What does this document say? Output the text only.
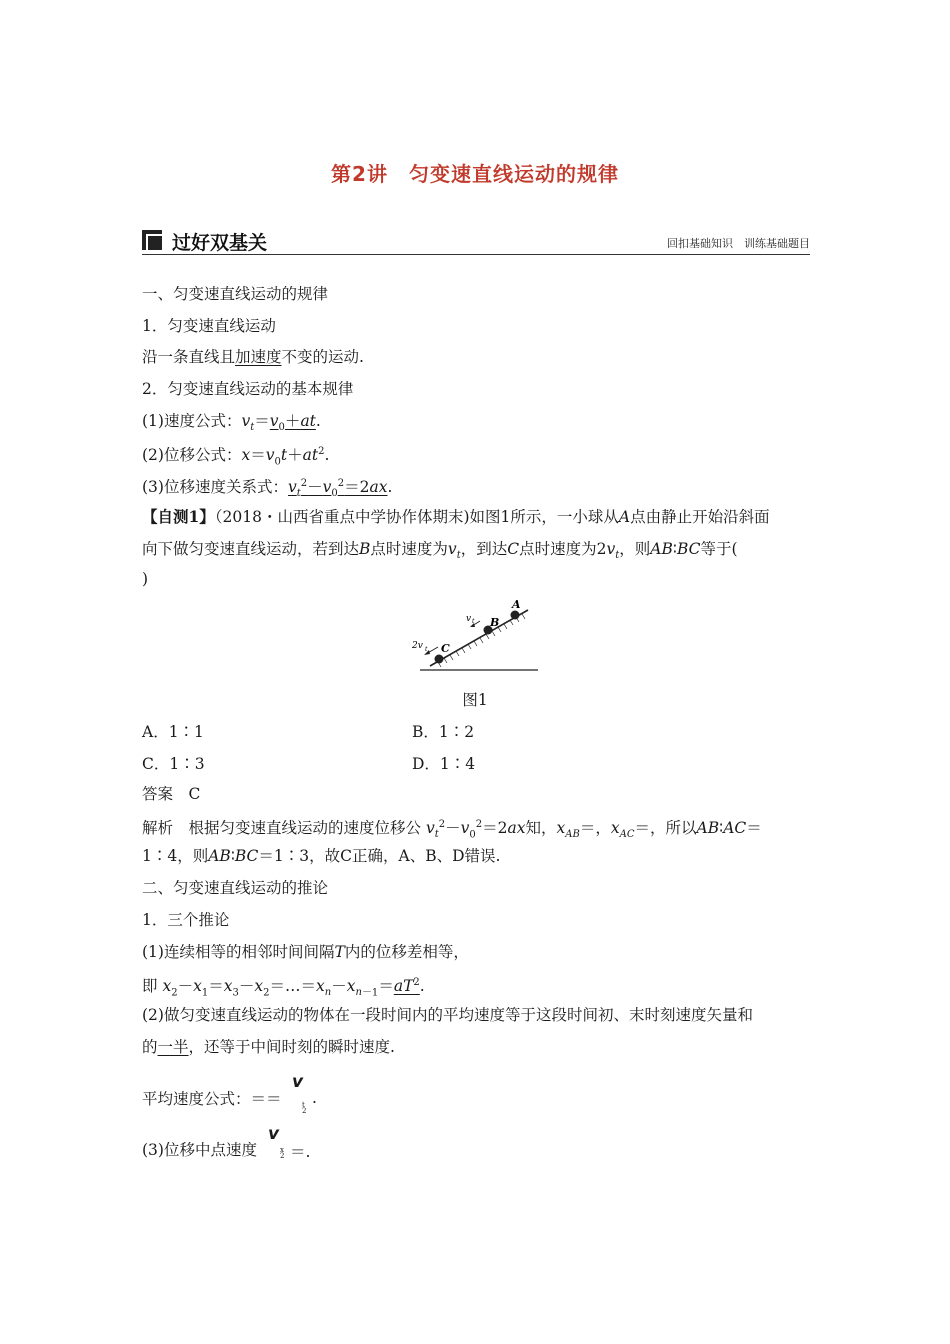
第2讲　匀变速直线运动的规律
过好双基关	回扣基础知识　训练基础题目
一、匀变速直线运动的规律
1．匀变速直线运动
沿一条直线且加速度不变的运动.
2．匀变速直线运动的基本规律
(1)速度公式：$v_t=v_0+at$.
(2)位移公式：$x=v_0t+at^2$.
(3)位移速度关系式：$v_t^2-v_0^2=2ax$.
【自测1】（2018・山西省重点中学协作体期末)如图1所示，一小球从A点由静止开始沿斜面
向下做匀变速直线运动，若到达B点时速度为$v_t$，到达C点时速度为$2v_t$，则AB∶BC等于(
)
A
B
C
v t
2v t
图1
A．1∶1	B．1∶2
C．1∶3	D．1∶4
答案　C
解析　根据匀变速直线运动的速度位移公 $v_t^2-v_0^2=2ax$知，$x_{AB}=$，$x_{AC}=$，所以AB∶AC＝
1∶4，则AB∶BC＝1∶3，故C正确，A、B、D错误.
二、匀变速直线运动的推论
1．三个推论
(1)连续相等的相邻时间间隔T内的位移差相等，
即 $x_2-x_1=x_3-x_2=\dots=x_n-x_{n-1}=aT^2$.
(2)做匀变速直线运动的物体在一段时间内的平均速度等于这段时间初、末时刻速度矢量和
的一半，还等于中间时刻的瞬时速度.
平均速度公式：＝＝
v
t
2
.
(3)位移中点速度
v
x
2 ＝.
